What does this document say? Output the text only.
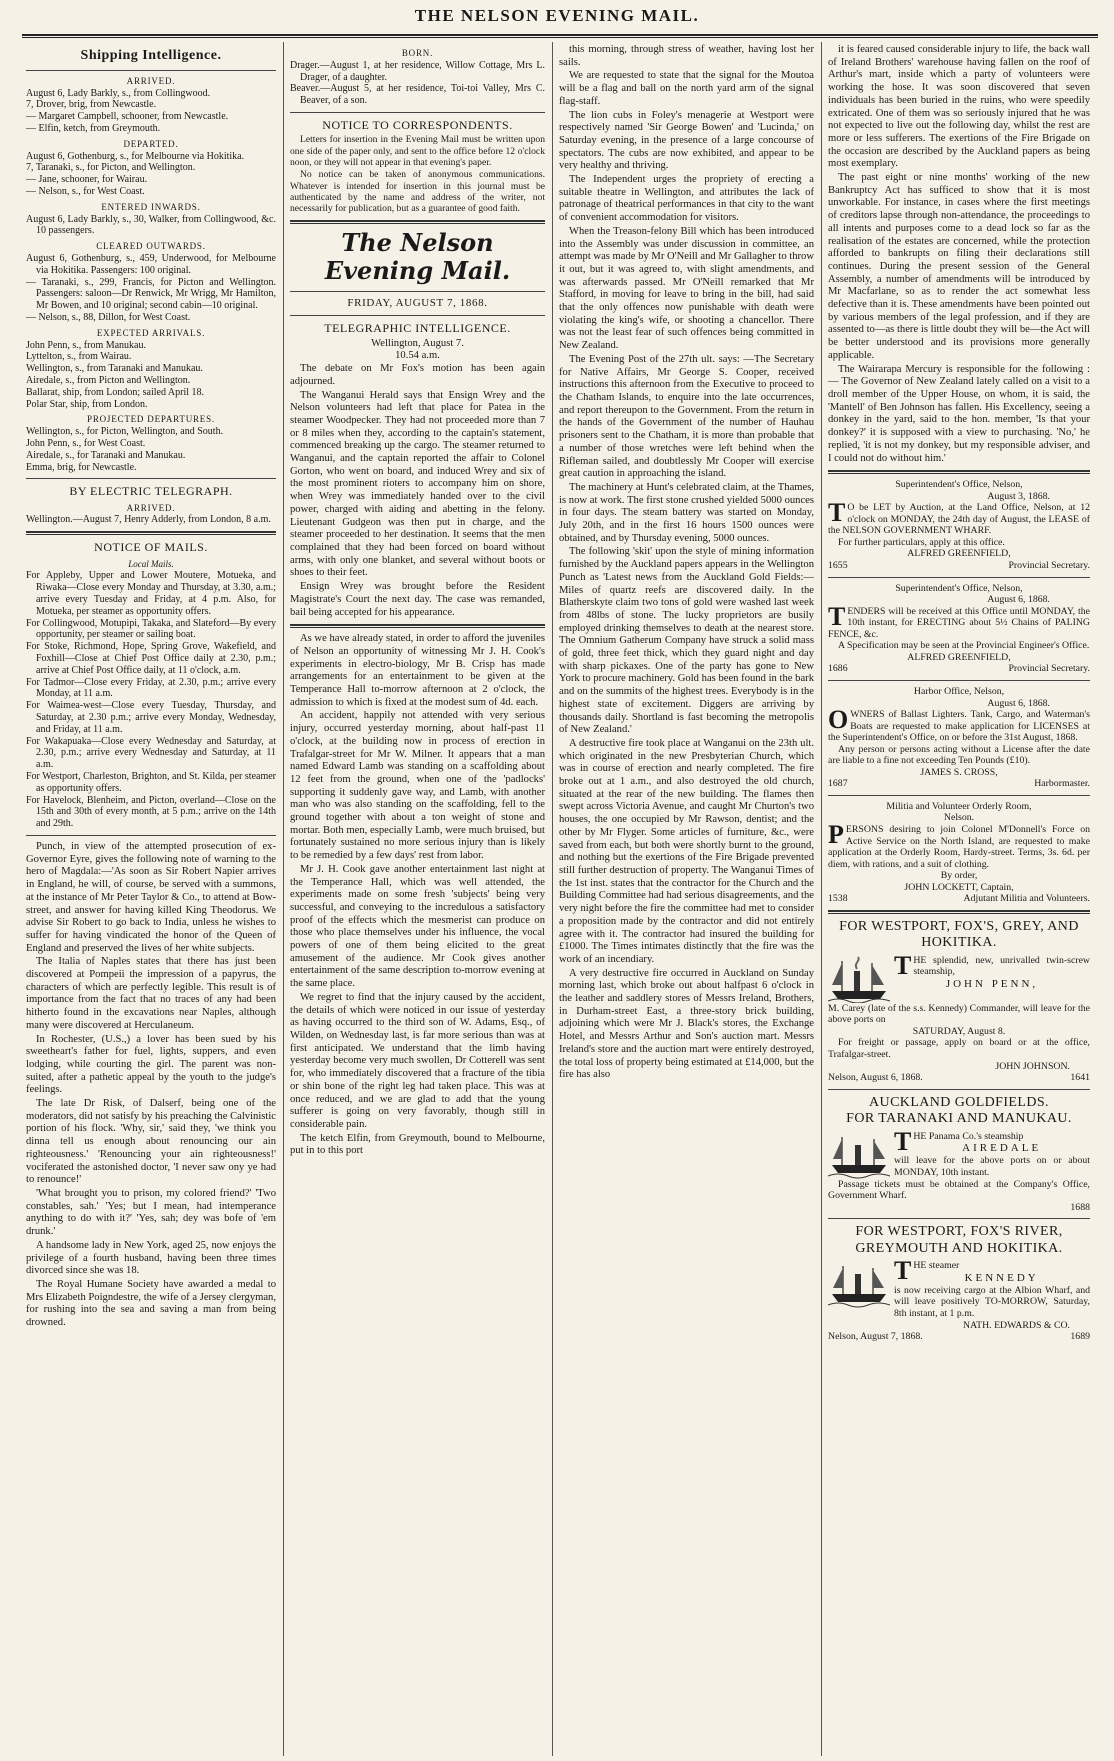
THE NELSON EVENING MAIL.
Shipping Intelligence.
ARRIVED.
August 6, Lady Barkly, s., from Collingwood.
7, Drover, brig, from Newcastle.
— Margaret Campbell, schooner, from Newcastle.
— Elfin, ketch, from Greymouth.
DEPARTED.
August 6, Gothenburg, s., for Melbourne via Hokitika.
7, Taranaki, s., for Picton, and Wellington.
— Jane, schooner, for Wairau.
— Nelson, s., for West Coast.
ENTERED INWARDS.
August 6, Lady Barkly, s., 30, Walker, from Collingwood, &c. 10 passengers.
CLEARED OUTWARDS.
August 6, Gothenburg, s., 459, Underwood, for Melbourne via Hokitika. Passengers: 100 original.
— Taranaki, s., 299, Francis, for Picton and Wellington. Passengers: saloon—Dr Renwick, Mr Wrigg, Mr Hamilton, Mr Bowen, and 10 original; second cabin—10 original.
— Nelson, s., 88, Dillon, for West Coast.
EXPECTED ARRIVALS.
John Penn, s., from Manukau.
Lyttelton, s., from Wairau.
Wellington, s., from Taranaki and Manukau.
Airedale, s., from Picton and Wellington.
Ballarat, ship, from London; sailed April 18.
Polar Star, ship, from London.
PROJECTED DEPARTURES.
Wellington, s., for Picton, Wellington, and South.
John Penn, s., for West Coast.
Airedale, s., for Taranaki and Manukau.
Emma, brig, for Newcastle.
BY ELECTRIC TELEGRAPH.
ARRIVED.
Wellington.—August 7, Henry Adderly, from London, 8 a.m.
NOTICE OF MAILS.
Local Mails.
For Appleby, Upper and Lower Moutere, Motueka, and Riwaka—Close every Monday and Thursday, at 3.30, a.m.; arrive every Tuesday and Friday, at 4 p.m. Also, for Motueka, per steamer as opportunity offers.
For Collingwood, Motupipi, Takaka, and Slateford—By every opportunity, per steamer or sailing boat.
For Stoke, Richmond, Hope, Spring Grove, Wakefield, and Foxhill—Close at Chief Post Office daily at 2.30, p.m.; arrive at Chief Post Office daily, at 11 o'clock, a.m.
For Tadmor—Close every Friday, at 2.30, p.m.; arrive every Monday, at 11 a.m.
For Waimea-west—Close every Tuesday, Thursday, and Saturday, at 2.30 p.m.; arrive every Monday, Wednesday, and Friday, at 11 a.m.
For Wakapuaka—Close every Wednesday and Saturday, at 2.30, p.m.; arrive every Wednesday and Saturday, at 11 a.m.
For Westport, Charleston, Brighton, and St. Kilda, per steamer as opportunity offers.
For Havelock, Blenheim, and Picton, overland—Close on the 15th and 30th of every month, at 5 p.m.; arrive on the 14th and 29th.

Punch, in view of the attempted prosecution of ex-Governor Eyre, gives the following note of warning to the hero of Magdala:—'As soon as Sir Robert Napier arrives in England, he will, of course, be served with a summons, at the instance of Mr Peter Taylor & Co., to attend at Bow-street, and answer for having killed King Theodorus. We advise Sir Robert to go back to India, unless he wishes to suffer for having vindicated the honor of the Queen of England and preserved the lives of her white subjects.

The Italia of Naples states that there has just been discovered at Pompeii the impression of a papyrus, the characters of which are perfectly legible. This result is of importance from the fact that no traces of any had been hitherto found in the excavations near Naples, although many were discovered at Herculaneum.

In Rochester, (U.S.,) a lover has been sued by his sweetheart's father for fuel, lights, suppers, and even lodging, while courting the girl. The parent was non-suited, after a pathetic appeal by the youth to the judge's feelings.

The late Dr Risk, of Dalserf, being one of the moderators, did not satisfy by his preaching the Calvinistic portion of his flock. 'Why, sir,' said they, 'we think you dinna tell us enough about renouncing our ain righteousness.' 'Renouncing your ain righteousness!' vociferated the astonished doctor, 'I never saw ony ye had to renounce!'

'What brought you to prison, my colored friend?' 'Two constables, sah.' 'Yes; but I mean, had intemperance anything to do with it?' 'Yes, sah; dey was bofe of 'em drunk.'

A handsome lady in New York, aged 25, now enjoys the privilege of a fourth husband, having been three times divorced since she was 18.

The Royal Humane Society have awarded a medal to Mrs Elizabeth Poigndestre, the wife of a Jersey clergyman, for rushing into the sea and saving a man from being drowned.

BORN.
Drager.—August 1, at her residence, Willow Cottage, Mrs L. Drager, of a daughter.
Beaver.—August 5, at her residence, Toi-toi Valley, Mrs C. Beaver, of a son.
NOTICE TO CORRESPONDENTS.

Letters for insertion in the Evening Mail must be written upon one side of the paper only, and sent to the office before 12 o'clock noon, or they will not appear in that evening's paper.

No notice can be taken of anonymous communications. Whatever is intended for insertion in this journal must be authenticated by the name and address of the writer, not necessarily for publication, but as a guarantee of good faith.

The Nelson Evening Mail.
FRIDAY, AUGUST 7, 1868.
TELEGRAPHIC INTELLIGENCE.
Wellington, August 7.
10.54 a.m.

The debate on Mr Fox's motion has been again adjourned.

The Wanganui Herald says that Ensign Wrey and the Nelson volunteers had left that place for Patea in the steamer Woodpecker. They had not proceeded more than 7 or 8 miles when they, according to the captain's statement, commenced breaking up the cargo. The steamer returned to Wanganui, and the captain reported the affair to Colonel Gorton, who went on board, and induced Wrey and six of the most prominent rioters to accompany him on shore, when Wrey was immediately handed over to the civil power, charged with aiding and abetting in the felony. Lieutenant Gudgeon was then put in charge, and the steamer proceeded to her destination. It seems that the men complained that they had been forced on board without arms, with only one blanket, and several without boots or shoes to their feet.

Ensign Wrey was brought before the Resident Magistrate's Court the next day. The case was remanded, bail being accepted for his appearance.

As we have already stated, in order to afford the juveniles of Nelson an opportunity of witnessing Mr J. H. Cook's experiments in electro-biology, Mr B. Crisp has made arrangements for an entertainment to be given at the Temperance Hall to-morrow afternoon at 2 o'clock, the admission to which is fixed at the modest sum of 4d. each.

An accident, happily not attended with very serious injury, occurred yesterday morning, about half-past 11 o'clock, at the building now in process of erection in Trafalgar-street for Mr W. Milner. It appears that a man named Edward Lamb was standing on a scaffolding about 12 feet from the ground, when one of the 'padlocks' supporting it suddenly gave way, and Lamb, with another man who was also standing on the scaffolding, fell to the ground together with about a ton weight of stone and mortar. Both men, especially Lamb, were much bruised, but fortunately sustained no more serious injury than is likely to be remedied by a few days' rest from labor.

Mr J. H. Cook gave another entertainment last night at the Temperance Hall, which was well attended, the experiments made on some fresh 'subjects' being very successful, and conveying to the incredulous a satisfactory proof of the effects which the mesmerist can produce on those who place themselves under his influence, the vocal powers of one of them being elicited to the great amusement of the audience. Mr Cook gives another entertainment of the same description to-morrow evening at the same place.

We regret to find that the injury caused by the accident, the details of which were noticed in our issue of yesterday as having occurred to the third son of W. Adams, Esq., of Wilden, on Wednesday last, is far more serious than was at first anticipated. We understand that the limb having yesterday become very much swollen, Dr Cotterell was sent for, who immediately discovered that a fracture of the tibia or shin bone of the right leg had taken place. This was at once reduced, and we are glad to add that the young sufferer is going on very favorably, though still in considerable pain.

The ketch Elfin, from Greymouth, bound to Melbourne, put in to this port

this morning, through stress of weather, having lost her sails.

We are requested to state that the signal for the Moutoa will be a flag and ball on the north yard arm of the signal flag-staff.

The lion cubs in Foley's menagerie at Westport were respectively named 'Sir George Bowen' and 'Lucinda,' on Saturday evening, in the presence of a large concourse of spectators. The cubs are now exhibited, and appear to be very healthy and thriving.

The Independent urges the propriety of erecting a suitable theatre in Wellington, and attributes the lack of patronage of theatrical performances in that city to the want of convenient accommodation for visitors.

When the Treason-felony Bill which has been introduced into the Assembly was under discussion in committee, an attempt was made by Mr O'Neill and Mr Gallagher to throw it out, but it was agreed to, with slight amendments, and was afterwards passed. Mr O'Neill remarked that Mr Stafford, in moving for leave to bring in the bill, had said that the only offences now punishable with death were violating the king's wife, or shooting a chancellor. There was not the least fear of such offences being committed in New Zealand.

The Evening Post of the 27th ult. says: —The Secretary for Native Affairs, Mr George S. Cooper, received instructions this afternoon from the Executive to proceed to the Chatham Islands, to enquire into the late occurrences, and report thereupon to the Government. From the return in the hands of the Government of the number of Hauhau prisoners sent to the Chatham, it is more than probable that a number of those wretches were left behind when the Rifleman sailed, and doubtlessly Mr Cooper will exercise great caution in approaching the island.

The machinery at Hunt's celebrated claim, at the Thames, is now at work. The first stone crushed yielded 5000 ounces in four days. The steam battery was started on Monday, July 20th, and in the first 16 hours 1500 ounces were obtained, and by Thursday evening, 5000 ounces.

The following 'skit' upon the style of mining information furnished by the Auckland papers appears in the Wellington Punch as 'Latest news from the Auckland Gold Fields:—Miles of quartz reefs are discovered daily. In the Blatherskyte claim two tons of gold were washed last week from 48lbs of stone. The lucky proprietors are busily employed drinking themselves to death at the nearest store. The Omnium Gatherum Company have struck a solid mass of gold, three feet thick, which they guard night and day with sharp pickaxes. One of the party has gone to New York to procure machinery. Gold has been found in the bark and on the summits of the highest trees. Everybody is in the highest state of excitement. Diggers are arriving by thousands daily. Shortland is fast becoming the metropolis of New Zealand.'

A destructive fire took place at Wanganui on the 23th ult. which originated in the new Presbyterian Church, which was in course of erection and nearly completed. The fire broke out at 1 a.m., and also destroyed the old church, situated at the rear of the new building. The flames then swept across Victoria Avenue, and caught Mr Churton's two houses, the one occupied by Mr Rawson, dentist; and the other by Mr Flyger. Some articles of furniture, &c., were saved from each, but both were shortly burnt to the ground, and nothing but the exertions of the Fire Brigade prevented still further destruction of property. The Wanganui Times of the 1st inst. states that the contractor for the Church and the Building Committee had had serious disagreements, and the very night before the fire the committee had met to consider a proposition made by the contractor and did not entirely agree with it. The contractor had insured the building for £1000. The Times intimates distinctly that the fire was the work of an incendiary.

A very destructive fire occurred in Auckland on Sunday morning last, which broke out about halfpast 6 o'clock in the leather and saddlery stores of Messrs Ireland, Brothers, in Durham-street East, a three-story brick building, adjoining which were Mr J. Black's stores, the Exchange Hotel, and Messrs Arthur and Son's auction mart. Messrs Ireland's store and the auction mart were entirely destroyed, the total loss of property being estimated at £14,000, but the fire has also

it is feared caused considerable injury to life, the back wall of Ireland Brothers' warehouse having fallen on the roof of Arthur's mart, inside which a party of volunteers were working the hose. It was soon discovered that seven individuals has been buried in the ruins, who were speedily extricated. One of them was so seriously injured that he was not expected to live out the following day, whilst the rest are more or less sufferers. The exertions of the Fire Brigade on the occasion are described by the Auckland papers as being most exemplary.

The past eight or nine months' working of the new Bankruptcy Act has sufficed to show that it is most unworkable. For instance, in cases where the first meetings of creditors lapse through non-attendance, the proceedings to all intents and purposes come to a dead lock so far as the realisation of the estates are concerned, while the protection afforded to bankrupts on filing their declarations still continues. During the present session of the General Assembly, a number of amendments will be introduced by Mr Macfarlane, so as to render the act somewhat less defective than it is. These amendments have been pointed out by various members of the legal profession, and if they are assented to—as there is little doubt they will be—the Act will be better understood and its provisions more generally applicable.

The Wairarapa Mercury is responsible for the following :— The Governor of New Zealand lately called on a visit to a droll member of the Upper House, on whom, it is said, the 'Mantell' of Ben Johnson has fallen. His Excellency, seeing a donkey in the yard, said to the hon. member, 'Is that your donkey?' it is supposed with a view to purchasing. 'No,' he replied, 'it is not my donkey, but my responsible adviser, and I could not do without him.'

Superintendent's Office, Nelson,
August 3, 1868.
T O be LET by Auction, at the Land Office, Nelson, at 12 o'clock on MONDAY, the 24th day of August, the LEASE of the NELSON GOVERNMENT WHARF.
For further particulars, apply at this office.
ALFRED GREENFIELD,
1655	Provincial Secretary.
Superintendent's Office, Nelson,
August 6, 1868.
TENDERS will be received at this Office until MONDAY, the 10th instant, for ERECTING about 5½ Chains of PALING FENCE, &c.
A Specification may be seen at the Provincial Engineer's Office.
ALFRED GREENFIELD,
1686	Provincial Secretary.
Harbor Office, Nelson,
August 6, 1868.
OWNERS of Ballast Lighters. Tank, Cargo, and Waterman's Boats are requested to make application for LICENSES at the Superintendent's Office, on or before the 31st August, 1868.
Any person or persons acting without a License after the date are liable to a fine not exceeding Ten Pounds (£10).
JAMES S. CROSS,
1687	Harbormaster.
Militia and Volunteer Orderly Room,
Nelson.
PERSONS desiring to join Colonel M'Donnell's Force on Active Service on the North Island, are requested to make application at the Orderly Room, Hardy-street. Terms, 3s. 6d. per diem, with rations, and a suit of clothing.
By order,
JOHN LOCKETT, Captain,
1538	Adjutant Militia and Volunteers.
FOR WESTPORT, FOX'S, GREY, AND HOKITIKA.
THE splendid, new, unrivalled twin-screw steamship,
JOHN PENN,
M. Carey (late of the s.s. Kennedy) Commander, will leave for the above ports on
SATURDAY, August 8.
For freight or passage, apply on board or at the office, Trafalgar-street.
JOHN JOHNSON.
Nelson, August 6, 1868.	1641
AUCKLAND GOLDFIELDS.
FOR TARANAKI AND MANUKAU.
THE Panama Co.'s steamship
AIREDALE
will leave for the above ports on or about MONDAY, 10th instant.
Passage tickets must be obtained at the Company's Office, Government Wharf.
1688
FOR WESTPORT, FOX'S RIVER, GREYMOUTH AND HOKITIKA.
THE steamer
KENNEDY
is now receiving cargo at the Albion Wharf, and will leave positively TO-MORROW, Saturday, 8th instant, at 1 p.m.
NATH. EDWARDS & CO.
Nelson, August 7, 1868.	1689
